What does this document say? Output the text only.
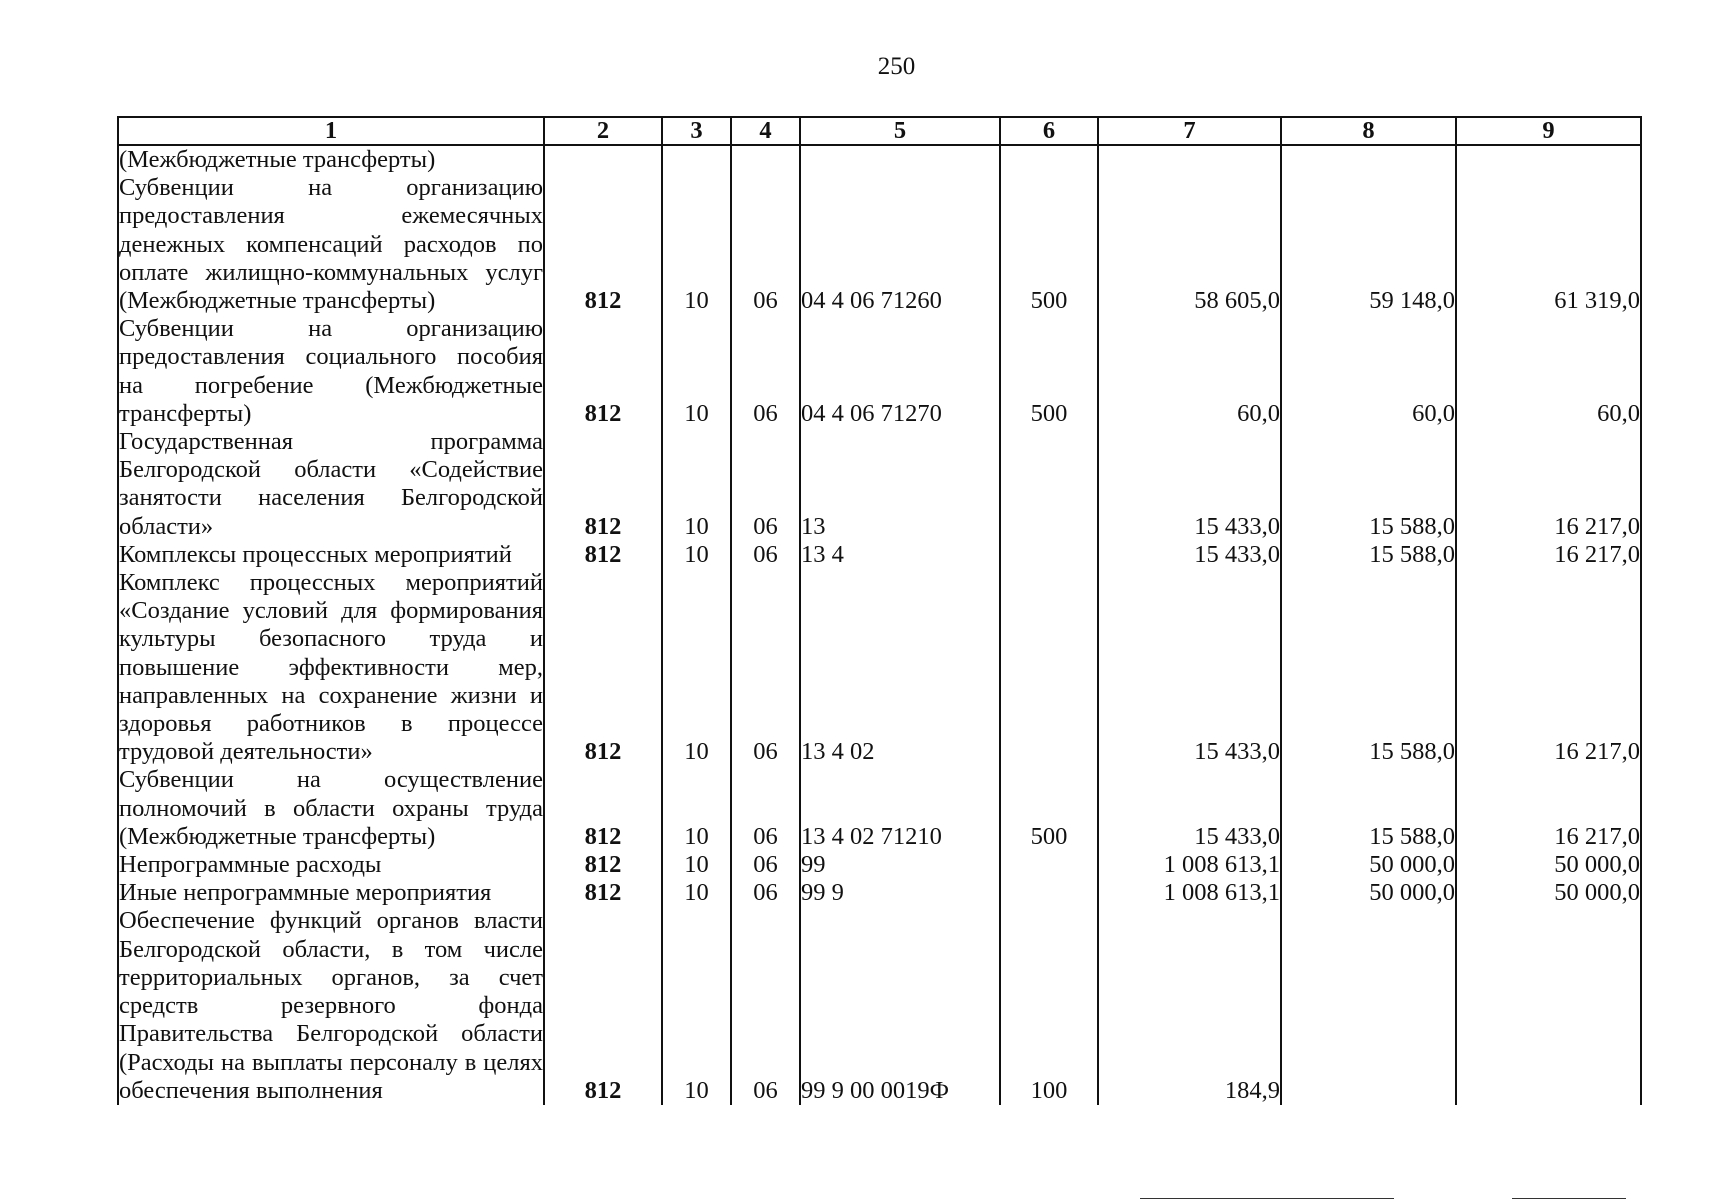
250
1	2	3	4	5	6	7	8	9
(Межбюджетные трансферты)								
Субвенции на организацию предоставления ежемесячных денежных компенсаций расходов по оплате жилищно-коммунальных услуг (Межбюджетные трансферты)	812	10	06	04 4 06 71260	500	58 605,0	59 148,0	61 319,0
Субвенции на организацию предоставления социального пособия на погребение (Межбюджетные трансферты)	812	10	06	04 4 06 71270	500	60,0	60,0	60,0
Государственная программа Белгородской области «Содействие занятости населения Белгородской области»	812	10	06	13		15 433,0	15 588,0	16 217,0
Комплексы процессных мероприятий	812	10	06	13 4		15 433,0	15 588,0	16 217,0
Комплекс процессных мероприятий «Создание условий для формирования культуры безопасного труда и повышение эффективности мер, направленных на сохранение жизни и здоровья работников в процессе трудовой деятельности»	812	10	06	13 4 02		15 433,0	15 588,0	16 217,0
Субвенции на осуществление полномочий в области охраны труда (Межбюджетные трансферты)	812	10	06	13 4 02 71210	500	15 433,0	15 588,0	16 217,0
Непрограммные расходы	812	10	06	99		1 008 613,1	50 000,0	50 000,0
Иные непрограммные мероприятия	812	10	06	99 9		1 008 613,1	50 000,0	50 000,0
Обеспечение функций органов власти Белгородской области, в том числе территориальных органов, за счет средств резервного фонда Правительства Белгородской области (Расходы на выплаты персоналу в целях обеспечения выполнения	812	10	06	99 9 00 0019Ф	100	184,9		
